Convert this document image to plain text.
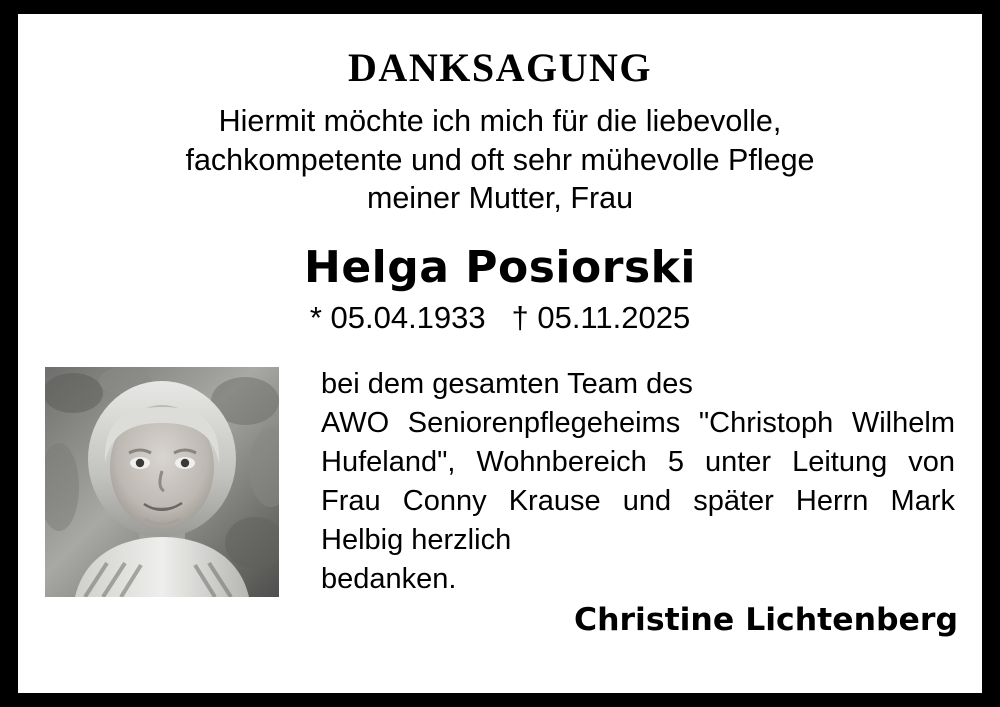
DANKSAGUNG
Hiermit möchte ich mich für die liebevolle,
fachkompetente und oft sehr mühevolle Pflege
meiner Mutter, Frau
Helga Posiorski
* 05.04.1933   † 05.11.2025
bei dem gesamten Team des
AWO Seniorenpflegeheims "Christoph Wilhelm Hufeland", Wohnbereich 5 unter Leitung von Frau Conny Krause und später Herrn Mark Helbig herzlich
bedanken.
Christine Lichtenberg
